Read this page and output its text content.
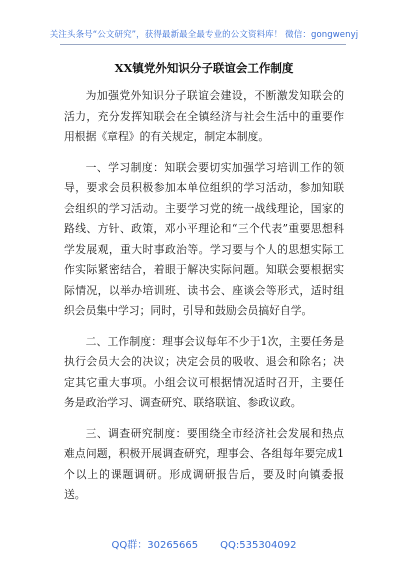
关注头条号“公文研究”，获得最新最全最专业的公文资料库！ 微信：gongwenyj
XX镇党外知识分子联谊会工作制度

为加强党外知识分子联谊会建设，不断激发知联会的活力，充分发挥知联会在全镇经济与社会生活中的重要作用根据《章程》的有关规定，制定本制度。

一、学习制度：知联会要切实加强学习培训工作的领导，要求会员积极参加本单位组织的学习活动，参加知联会组织的学习活动。主要学习党的统一战线理论，国家的路线、方针、政策，邓小平理论和“三个代表”重要思想科学发展观，重大时事政治等。学习要与个人的思想实际工作实际紧密结合，着眼于解决实际问题。知联会要根据实际情况，以举办培训班、读书会、座谈会等形式，适时组织会员集中学习；同时，引导和鼓励会员搞好自学。

二、工作制度：理事会议每年不少于1次，主要任务是执行会员大会的决议；决定会员的吸收、退会和除名；决定其它重大事项。小组会议可根据情况适时召开，主要任务是政治学习、调查研究、联络联谊、参政议政。

三、调查研究制度：要围绕全市经济社会发展和热点难点问题，积极开展调查研究，理事会、各组每年要完成1个以上的课题调研。形成调研报告后，要及时向镇委报送。

QQ群：30265665 QQ:535304092
